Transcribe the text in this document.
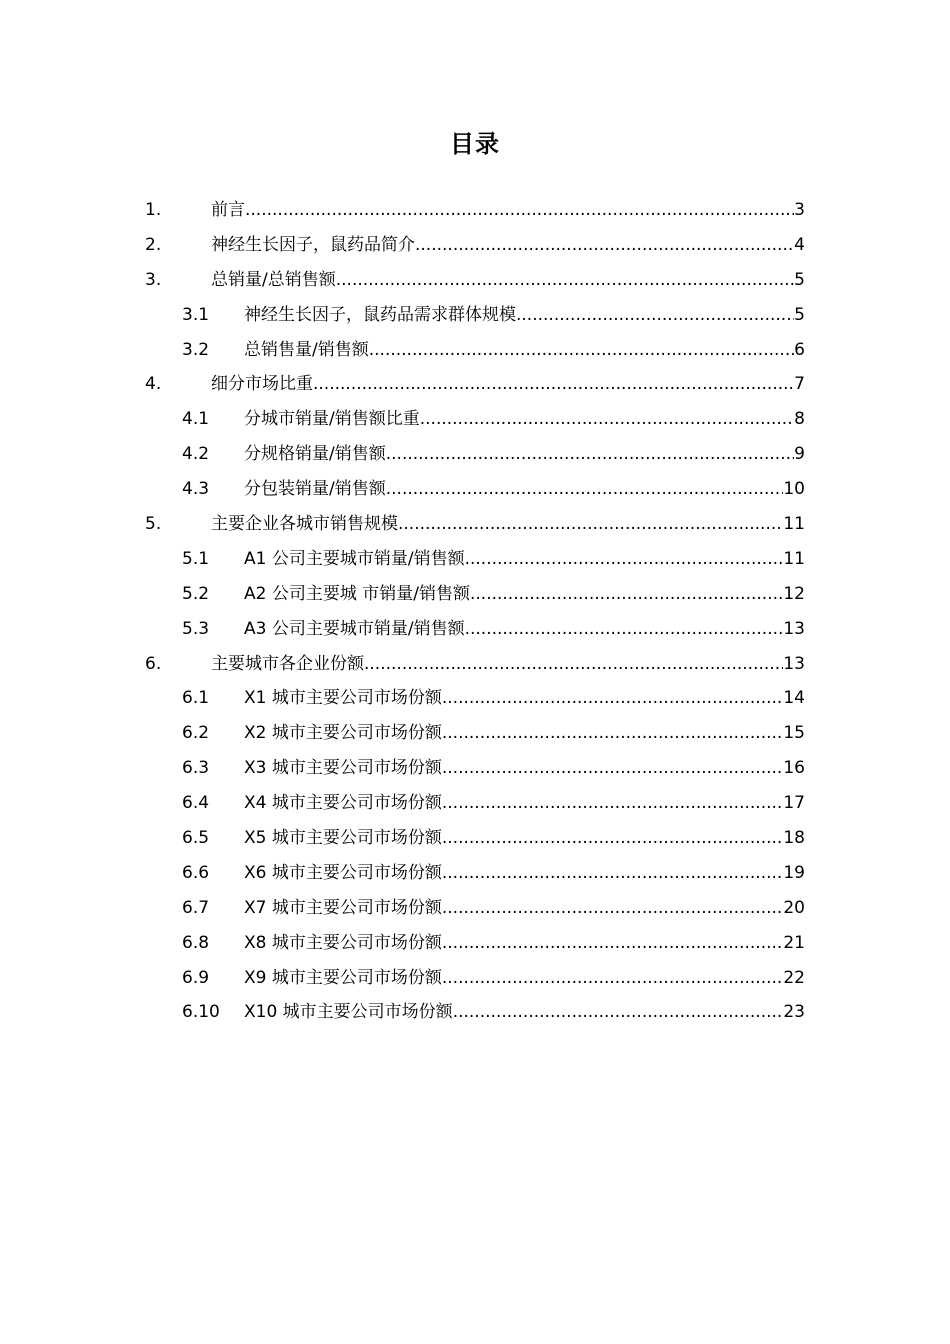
目录
1.	前言 .....	3
2.	神经生长因子，鼠药品简介 .....	4
3.	总销量/总销售额 .....	5
3.1 神经生长因子，鼠药品需求群体规模 .....	5
3.2 总销售量/销售额 .....	6
4.	细分市场比重 .....	7
4.1 分城市销量/销售额比重 .....	8
4.2 分规格销量/销售额 .....	9
4.3 分包装销量/销售额 .....	10
5.	主要企业各城市销售规模 .....	11
5.1 A1 公司主要城市销量/销售额 .....	11
5.2 A2 公司主要城 市销量/销售额 .....	12
5.3 A3 公司主要城市销量/销售额 .....	13
6.	主要城市各企业份额 .....	13
6.1 X1 城市主要公司市场份额 .....	14
6.2 X2 城市主要公司市场份额 .....	15
6.3 X3 城市主要公司市场份额 .....	16
6.4 X4 城市主要公司市场份额 .....	17
6.5 X5 城市主要公司市场份额 .....	18
6.6 X6 城市主要公司市场份额 .....	19
6.7 X7 城市主要公司市场份额 .....	20
6.8 X8 城市主要公司市场份额 .....	21
6.9 X9 城市主要公司市场份额 .....	22
6.10 X10 城市主要公司市场份额 .....	23
